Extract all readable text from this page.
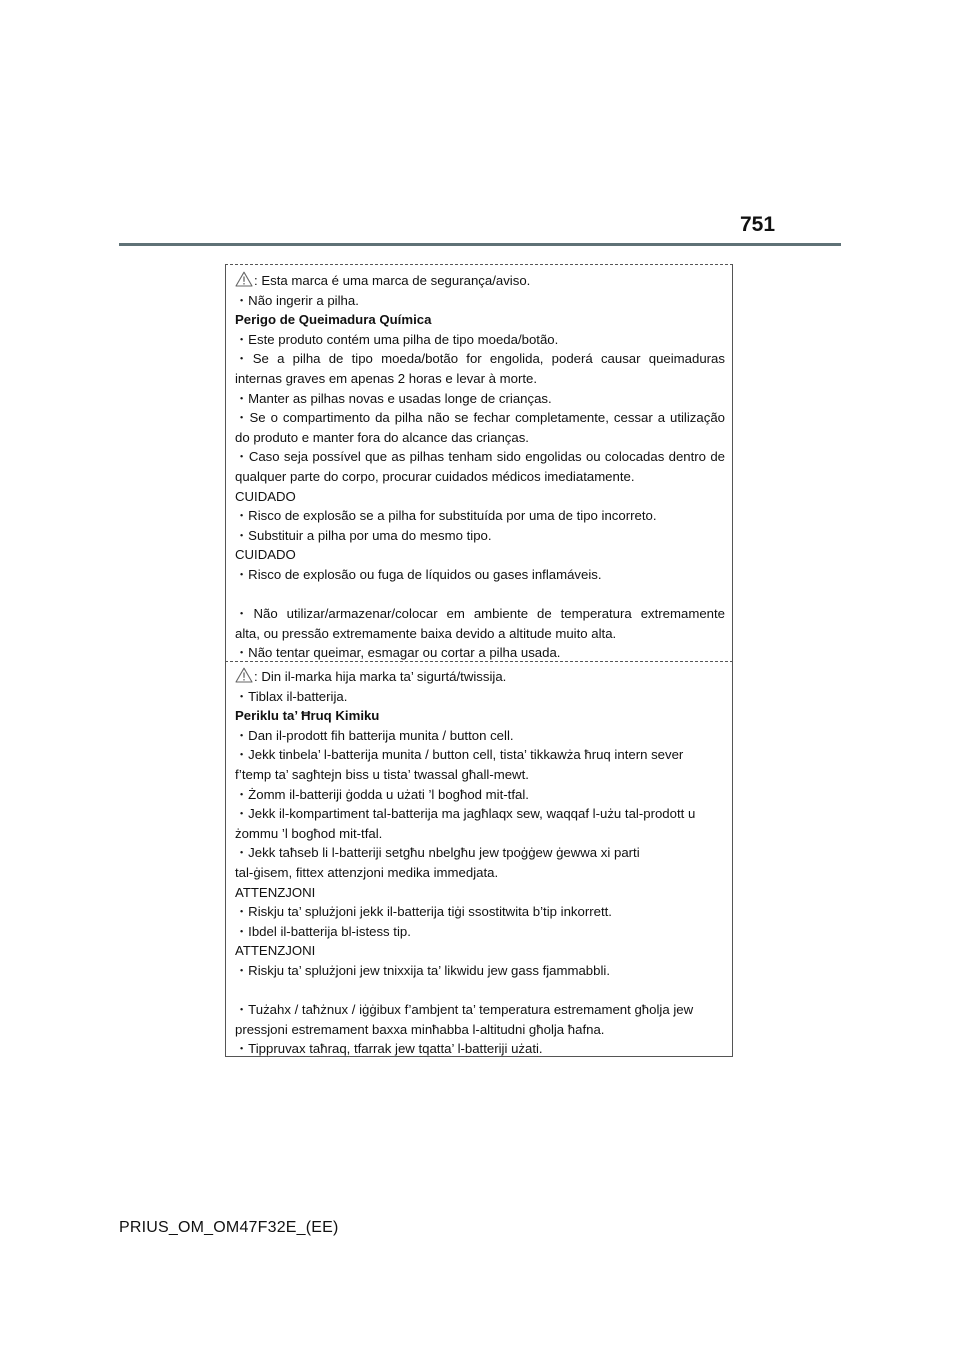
751
: Esta marca é uma marca de segurança/aviso.
・Não ingerir a pilha.
Perigo de Queimadura Química
・Este produto contém uma pilha de tipo moeda/botão.
・Se a pilha de tipo moeda/botão for engolida, poderá causar queimaduras
internas graves em apenas 2 horas e levar à morte.
・Manter as pilhas novas e usadas longe de crianças.
・Se o compartimento da pilha não se fechar completamente, cessar a utilização
do produto e manter fora do alcance das crianças.
・Caso seja possível que as pilhas tenham sido engolidas ou colocadas dentro de
qualquer parte do corpo, procurar cuidados médicos imediatamente.
CUIDADO
・Risco de explosão se a pilha for substituída por uma de tipo incorreto.
・Substituir a pilha por uma do mesmo tipo.
CUIDADO
・Risco de explosão ou fuga de líquidos ou gases inflamáveis.
・Não utilizar/armazenar/colocar em ambiente de temperatura extremamente
alta, ou pressão extremamente baixa devido a altitude muito alta.
・Não tentar queimar, esmagar ou cortar a pilha usada.
: Din il-marka hija marka ta’ sigurtá/twissija.
・Tiblax il-batterija.
Periklu ta’ Ħruq Kimiku
・Dan il-prodott fih batterija munita / button cell.
・Jekk tinbela’ l-batterija munita / button cell, tista’ tikkawża ħruq intern sever
f’temp ta’ sagħtejn biss u tista’ twassal għall-mewt.
・Żomm il-batteriji ġodda u użati ’l bogħod mit-tfal.
・Jekk il-kompartiment tal-batterija ma jagħlaqx sew, waqqaf l-użu tal-prodott u
żommu ’l bogħod mit-tfal.
・Jekk taħseb li l-batteriji setgħu nbelgħu jew tpoġġew ġewwa xi parti
tal-ġisem, fittex attenzjoni medika immedjata.
ATTENZJONI
・Riskju ta’ splużjoni jekk il-batterija tiġi ssostitwita b’tip inkorrett.
・Ibdel il-batterija bl-istess tip.
ATTENZJONI
・Riskju ta’ splużjoni jew tnixxija ta’ likwidu jew gass fjammabbli.
・Tużahx / taħżnux / iġġibux f’ambjent ta’ temperatura estremament għolja jew
pressjoni estremament baxxa minħabba l-altitudni għolja ħafna.
・Tippruvax taħraq, tfarrak jew tqatta’ l-batteriji użati.
PRIUS_OM_OM47F32E_(EE)
